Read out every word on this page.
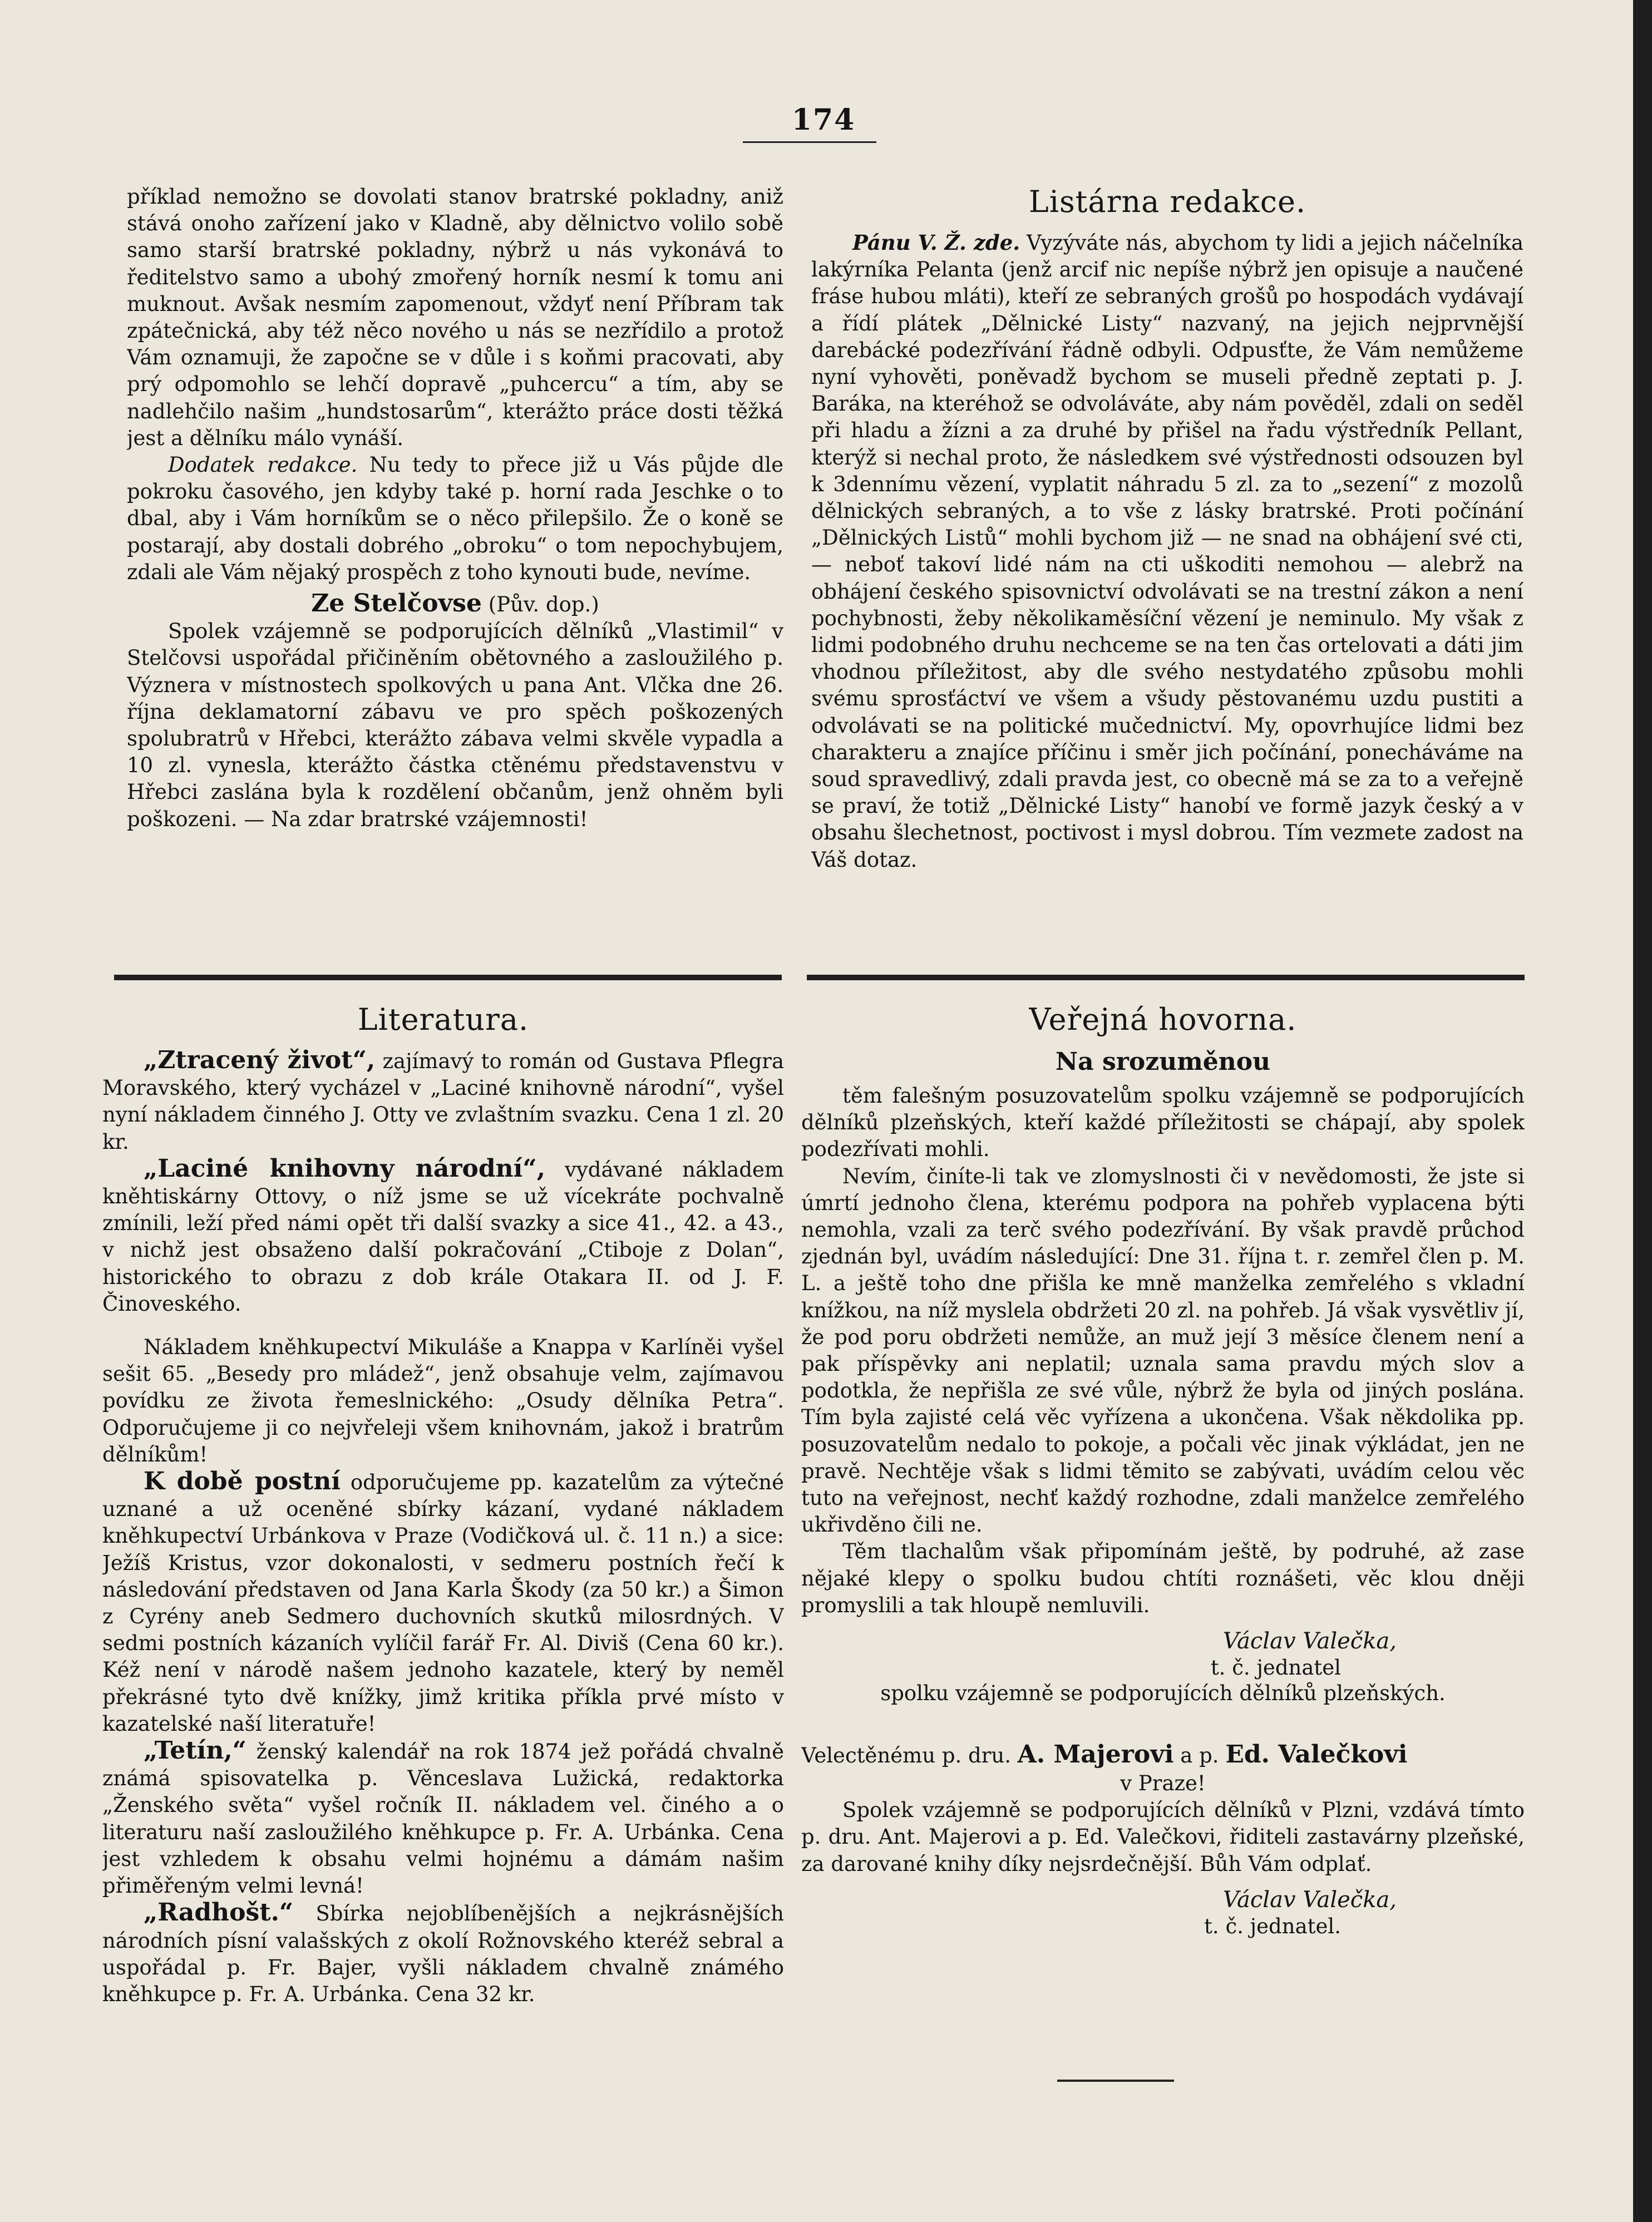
174

příklad nemožno se dovolati stanov bratrské pokladny, aniž stává onoho zařízení jako v Kladně, aby dělnictvo volilo sobě samo starší bratrské pokladny, nýbrž u nás vykonává to ředitelstvo samo a ubohý zmořený horník nesmí k tomu ani muknout. Avšak nesmím zapomenout, vždyť není Příbram tak zpátečnická, aby též něco nového u nás se nezřídilo a protož Vám oznamuji, že započne se v důle i s koňmi pracovati, aby prý odpomohlo se lehčí dopravě „puhcercu“ a tím, aby se nadlehčilo našim „hundstosarům“, kterážto práce dosti těžká jest a dělníku málo vynáší.

Dodatek redakce. Nu tedy to přece již u Vás půjde dle pokroku časového, jen kdyby také p. horní rada Jeschke o to dbal, aby i Vám horníkům se o něco přilepšilo. Že o koně se postarají, aby dostali dobrého „obroku“ o tom nepochybujem, zdali ale Vám nějaký prospěch z toho kynouti bude, nevíme.

Ze Stelčovse (Pův. dop.)

Spolek vzájemně se podporujících dělníků „Vlastimil“ v Stelčovsi uspořádal přičiněním obětovného a zasloužilého p. Význera v místnostech spolkových u pana Ant. Vlčka dne 26. října deklamatorní zábavu ve pro spěch poškozených spolubratrů v Hřebci, kterážto zábava velmi skvěle vypadla a 10 zl. vynesla, kterážto částka ctěnému představenstvu v Hřebci zaslána byla k rozdělení občanům, jenž ohněm byli poškozeni. — Na zdar bratrské vzájemnosti!

Literatura.

„Ztracený život“, zajímavý to román od Gustava Pflegra Moravského, který vycházel v „Laciné knihovně národní“, vyšel nyní nákladem činného J. Otty ve zvlaštním svazku. Cena 1 zl. 20 kr.

„Laciné knihovny národní“, vydávané nákladem kněhtiskárny Ottovy, o níž jsme se už vícekráte pochvalně zmínili, leží před námi opět tři další svazky a sice 41., 42. a 43., v nichž jest obsaženo další pokračování „Ctiboje z Dolan“, historického to obrazu z dob krále Otakara II. od J. F. Činoveského.

Nákladem kněhkupectví Mikuláše a Knappa v Karlíněi vyšel sešit 65. „Besedy pro mládež“, jenž obsahuje velm, zajímavou povídku ze života řemeslnického: „Osudy dělníka Petra“. Odporučujeme ji co nejvřeleji všem knihovnám, jakož i bratrům dělníkům!

K době postní odporučujeme pp. kazatelům za výtečné uznané a už oceněné sbírky kázaní, vydané nákladem kněhkupectví Urbánkova v Praze (Vodičková ul. č. 11 n.) a sice: Ježíš Kristus, vzor dokonalosti, v sedmeru postních řečí k následování představen od Jana Karla Škody (za 50 kr.) a Šimon z Cyrény aneb Sedmero duchovních skutků milosrdných. V sedmi postních kázaních vylíčil farář Fr. Al. Diviš (Cena 60 kr.). Kéž není v národě našem jednoho kazatele, který by neměl překrásné tyto dvě knížky, jimž kritika příkla prvé místo v kazatelské naší literatuře!

„Tetín,“ ženský kalendář na rok 1874 jež pořádá chvalně známá spisovatelka p. Věnceslava Lužická, redaktorka „Ženského světa“ vyšel ročník II. nákladem vel. činého a o literaturu naší zasloužilého kněhkupce p. Fr. A. Urbánka. Cena jest vzhledem k obsahu velmi hojnému a dámám našim přiměřeným velmi levná!

„Radhošt.“ Sbírka nejoblíbenějších a nejkrásnějších národních písní valašských z okolí Rožnovského kteréž sebral a uspořádal p. Fr. Bajer, vyšli nákladem chvalně známého kněhkupce p. Fr. A. Urbánka. Cena 32 kr.

Listárna redakce.

Pánu V. Ž. zde. Vyzýváte nás, abychom ty lidi a jejich náčelníka lakýrníka Pelanta (jenž arcif nic nepíše nýbrž jen opisuje a naučené fráse hubou mláti), kteří ze sebraných grošů po hospodách vydávají a řídí plátek „Dělnické Listy“ nazvaný, na jejich nejprvnější darebácké podezřívání řádně odbyli. Odpusťte, že Vám nemůžeme nyní vyhověti, poněvadž bychom se museli předně zeptati p. J. Baráka, na kteréhož se odvoláváte, aby nám pověděl, zdali on seděl při hladu a žízni a za druhé by přišel na řadu výstředník Pellant, kterýž si nechal proto, že následkem své výstřednosti odsouzen byl k 3dennímu vězení, vyplatit náhradu 5 zl. za to „sezení“ z mozolů dělnických sebraných, a to vše z lásky bratrské. Proti počínání „Dělnických Listů“ mohli bychom již — ne snad na obhájení své cti, — neboť takoví lidé nám na cti uškoditi nemohou — alebrž na obhájení českého spisovnictví odvolávati se na trestní zákon a není pochybnosti, žeby několikaměsíční vězení je neminulo. My však z lidmi podobného druhu nechceme se na ten čas ortelovati a dáti jim vhodnou příležitost, aby dle svého nestydatého způsobu mohli svému sprosťáctví ve všem a všudy pěstovanému uzdu pustiti a odvolávati se na politické mučednictví. My, opovrhujíce lidmi bez charakteru a znajíce příčinu i směr jich počínání, ponecháváme na soud spravedlivý, zdali pravda jest, co obecně má se za to a veřejně se praví, že totiž „Dělnické Listy“ hanobí ve formě jazyk český a v obsahu šlechetnost, poctivost i mysl dobrou. Tím vezmete zadost na Váš dotaz.

Veřejná hovorna.
Na srozuměnou

těm falešným posuzovatelům spolku vzájemně se podporujících dělníků plzeňských, kteří každé příležitosti se chápají, aby spolek podezřívati mohli.

Nevím, činíte-li tak ve zlomyslnosti či v nevědomosti, že jste si úmrtí jednoho člena, kterému podpora na pohřeb vyplacena býti nemohla, vzali za terč svého podezřívání. By však pravdě průchod zjednán byl, uvádím následující: Dne 31. října t. r. zemřel člen p. M. L. a ještě toho dne přišla ke mně manželka zemřelého s vkladní knížkou, na níž myslela obdržeti 20 zl. na pohřeb. Já však vysvětliv jí, že pod poru obdržeti nemůže, an muž její 3 měsíce členem není a pak příspěvky ani neplatil; uznala sama pravdu mých slov a podotkla, že nepřišla ze své vůle, nýbrž že byla od jiných poslána. Tím byla zajisté celá věc vyřízena a ukončena. Však někdolika pp. posuzovatelům nedalo to pokoje, a počali věc jinak výkládat, jen ne pravě. Nechtěje však s lidmi těmito se zabývati, uvádím celou věc tuto na veřejnost, nechť každý rozhodne, zdali manželce zemřelého ukřivděno čili ne.

Těm tlachalům však připomínám ještě, by podruhé, až zase nějaké klepy o spolku budou chtíti roznášeti, věc klou dněji promyslili a tak hloupě nemluvili.

Václav Valečka,
t. č. jednatel
spolku vzájemně se podporujících dělníků plzeňských.
Velectěnému p. dru. A. Majerovi a p. Ed. Valečkovi
v Praze!

Spolek vzájemně se podporujících dělníků v Plzni, vzdává tímto p. dru. Ant. Majerovi a p. Ed. Valečkovi, řiditeli zastavárny plzeňské, za darované knihy díky nejsrdečnější. Bůh Vám odplať.

Václav Valečka,
t. č. jednatel.
